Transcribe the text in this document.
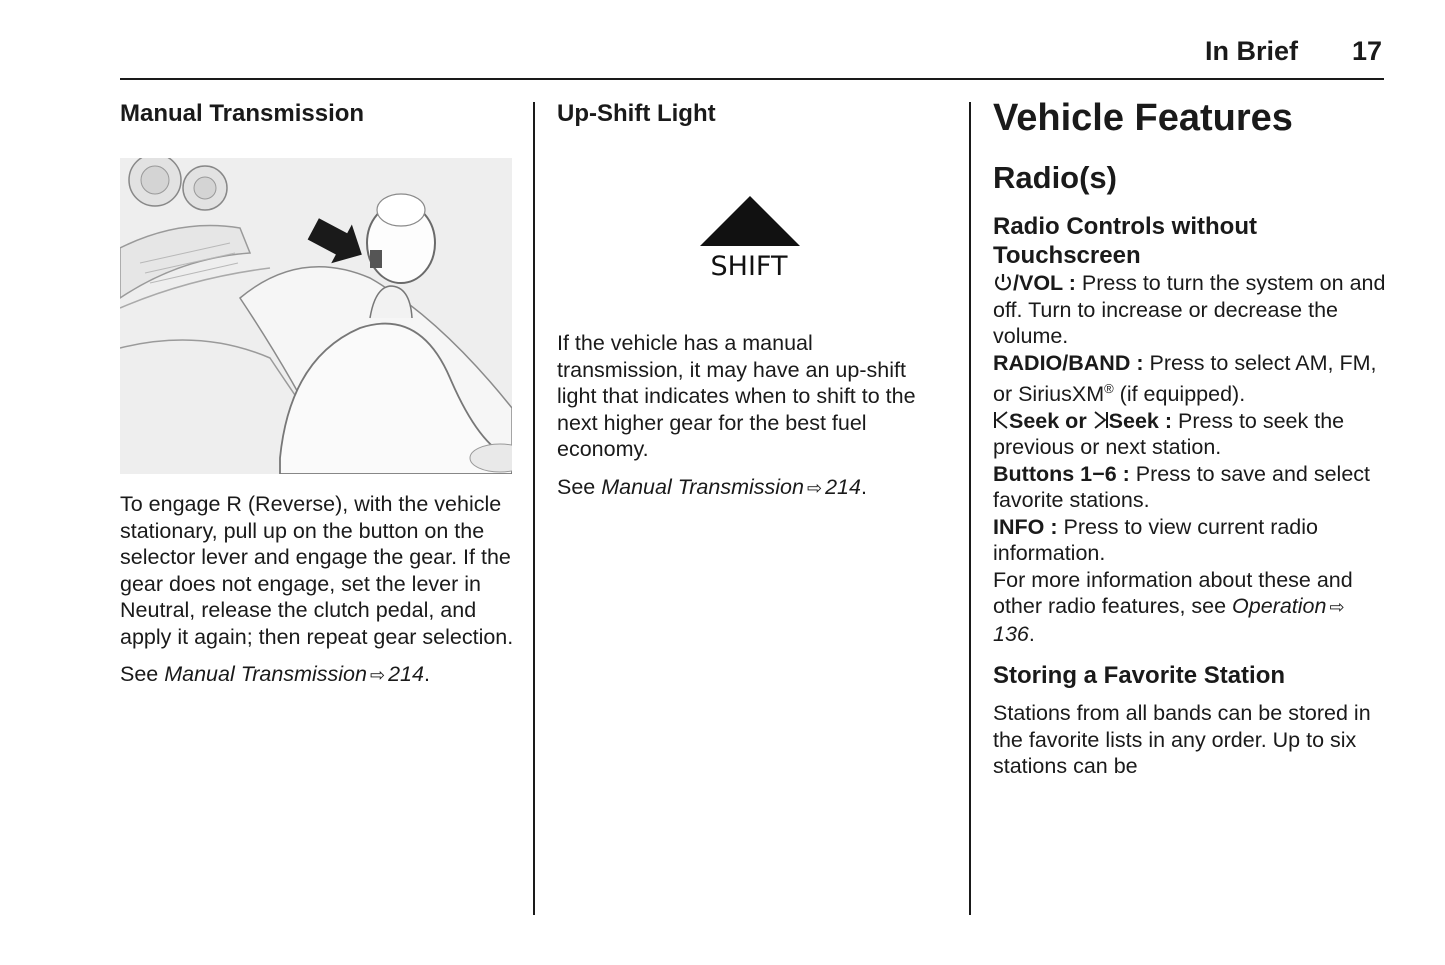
In Brief 17
Manual Transmission

To engage R (Reverse), with the vehicle stationary, pull up on the button on the selector lever and engage the gear. If the gear does not engage, set the lever in Neutral, release the clutch pedal, and apply it again; then repeat gear selection.

See Manual Transmission ⇨ 214.

Up-Shift Light
SHIFT

If the vehicle has a manual transmission, it may have an up-shift light that indicates when to shift to the next higher gear for the best fuel economy.

See Manual Transmission ⇨ 214.

Vehicle Features
Radio(s)
Radio Controls without Touchscreen

/VOL : Press to turn the system on and off. Turn to increase or decrease the volume.

RADIO/BAND : Press to select AM, FM, or SiriusXM® (if equipped).

Seek or Seek : Press to seek the previous or next station.

Buttons 1−6 : Press to save and select favorite stations.

INFO : Press to view current radio information.

For more information about these and other radio features, see Operation ⇨136.

Storing a Favorite Station

Stations from all bands can be stored in the favorite lists in any order. Up to six stations can be
